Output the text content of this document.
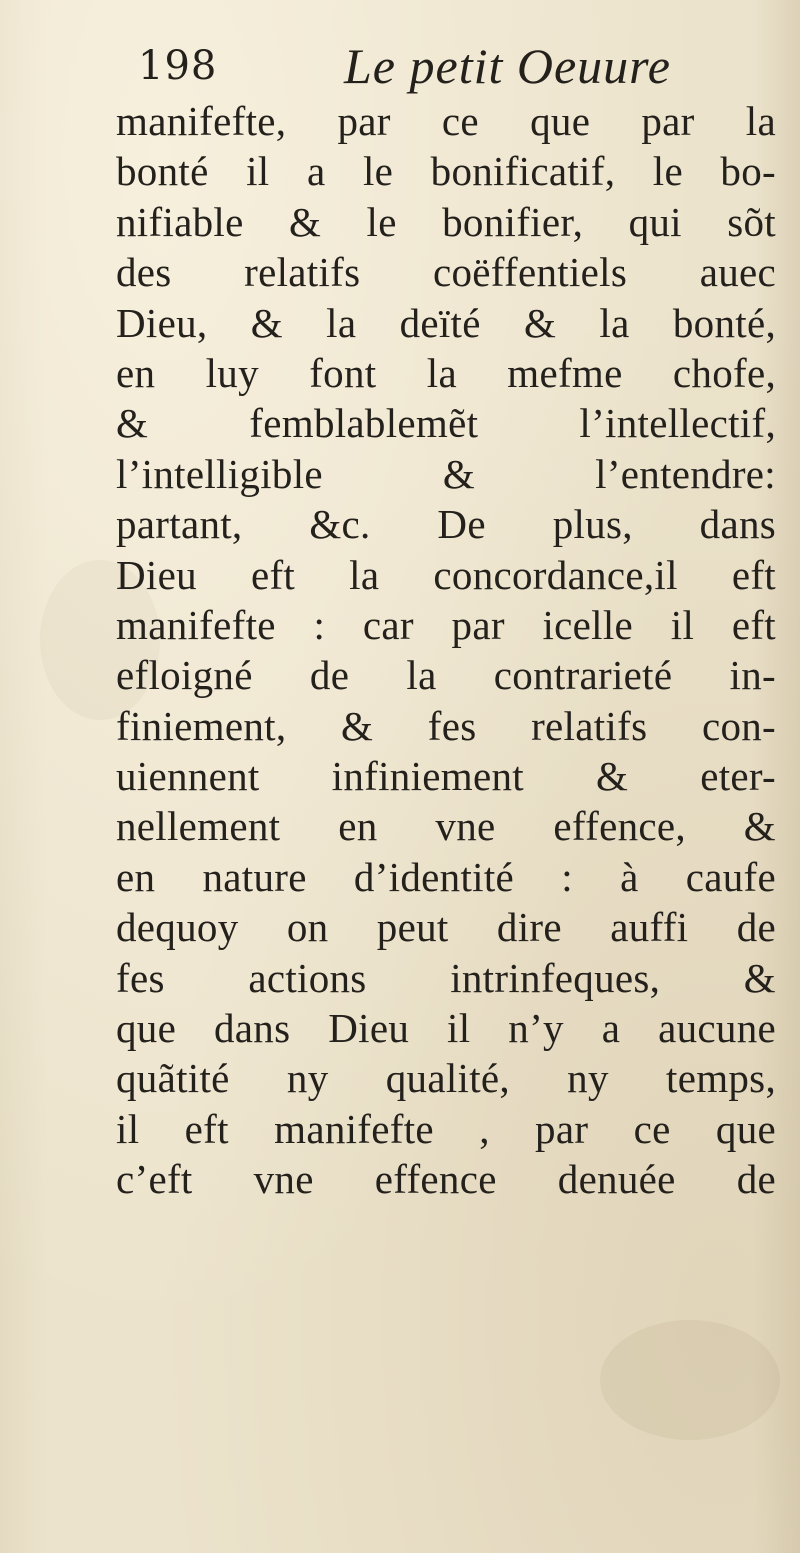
198	Le petit Oeuure
manifefte, par ce que par la
bonté il a le bonificatif, le bo-
nifiable & le bonifier, qui sõt
des relatifs coëffentiels auec
Dieu, & la deïté & la bonté,
en luy font la mefme chofe,
& femblablemẽt l’intellectif,
l’intelligible & l’entendre:
partant, &c. De plus, dans
Dieu eft la concordance,il eft
manifefte : car par icelle il eft
efloigné de la contrarieté in-
finiement, & fes relatifs con-
uiennent infiniement & eter-
nellement en vne effence, &
en nature d’identité : à caufe
dequoy on peut dire auffi de
fes actions intrinfeques, &
que dans Dieu il n’y a aucune
quãtité ny qualité, ny temps,
il eft manifefte , par ce que
c’eft vne effence denuée de
